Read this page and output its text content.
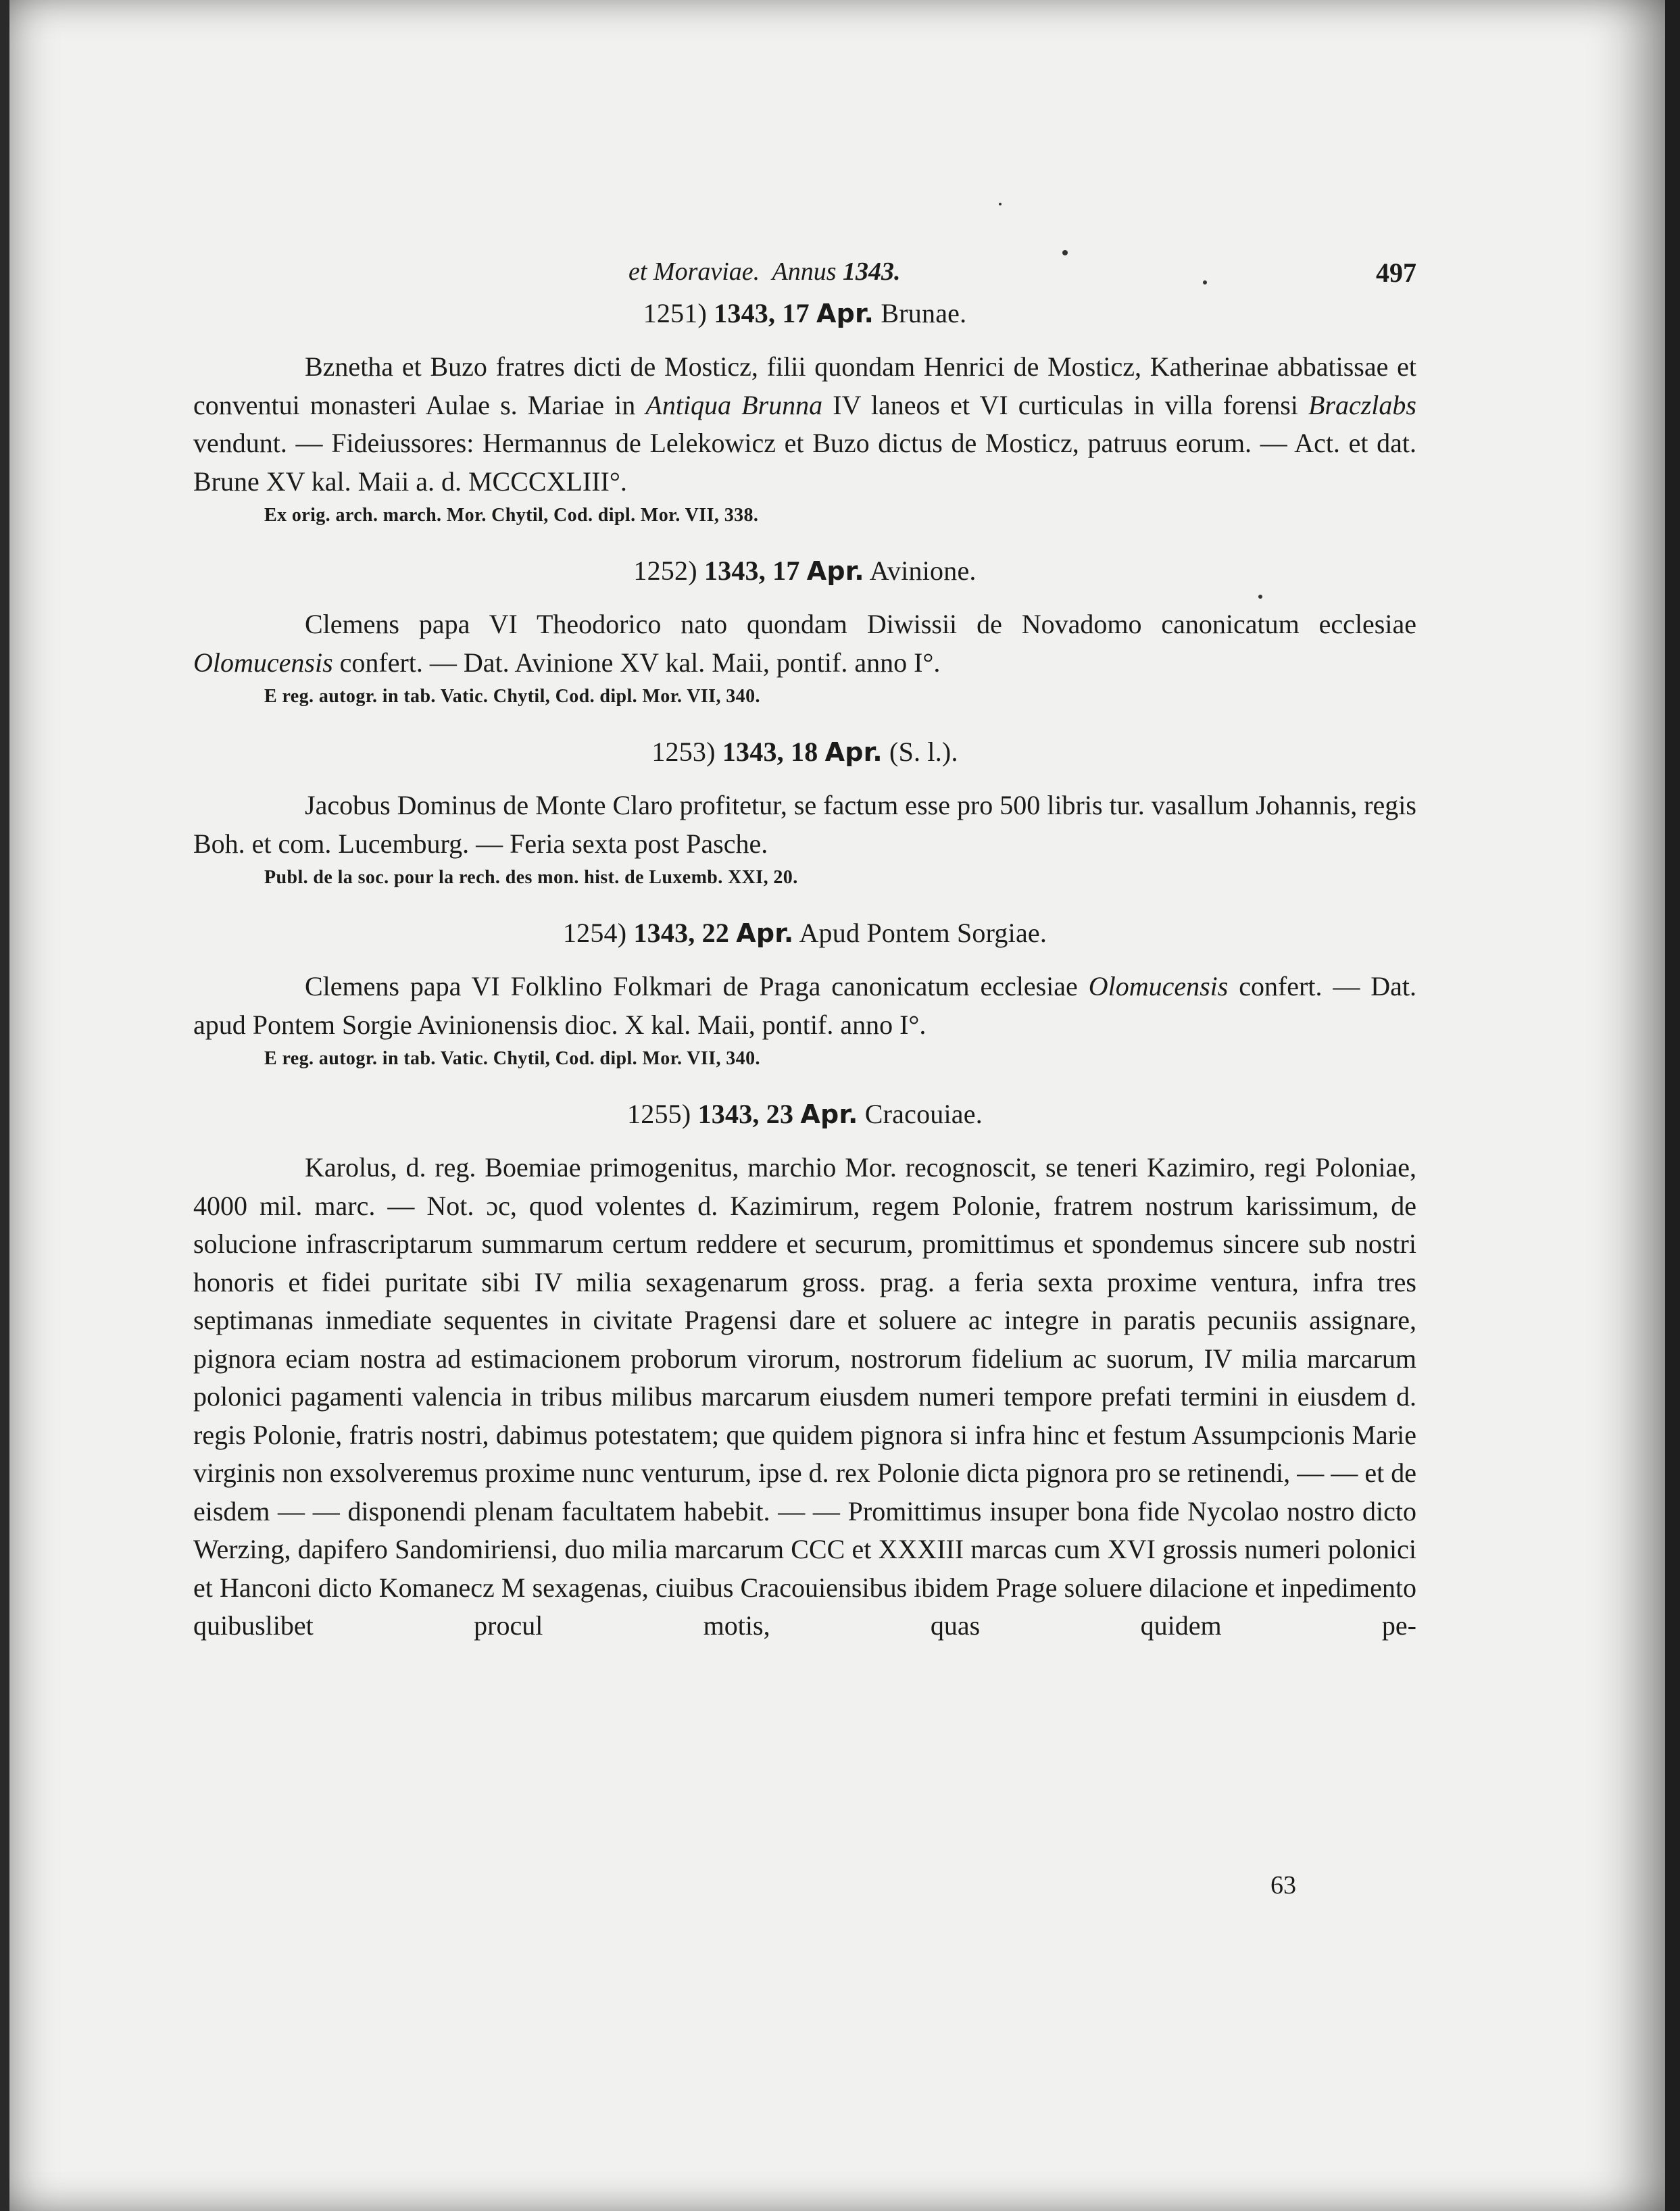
et Moraviae. Annus 1343.	497
1251) 1343, 17 Apr. Brunae.

Bznetha et Buzo fratres dicti de Mosticz, filii quondam Henrici de Mosticz, Katherinae abbatissae et conventui monasteri Aulae s. Mariae in Antiqua Brunna IV laneos et VI curticulas in villa forensi Braczlabs vendunt. — Fideiussores: Hermannus de Lelekowicz et Buzo dictus de Mosticz, patruus eorum. — Act. et dat. Brune XV kal. Maii a. d. MCCCXLIII°.

Ex orig. arch. march. Mor. Chytil, Cod. dipl. Mor. VII, 338.
1252) 1343, 17 Apr. Avinione.

Clemens papa VI Theodorico nato quondam Diwissii de Novadomo canonicatum ecclesiae Olomucensis confert. — Dat. Avinione XV kal. Maii, pontif. anno I°.

E reg. autogr. in tab. Vatic. Chytil, Cod. dipl. Mor. VII, 340.
1253) 1343, 18 Apr. (S. l.).

Jacobus Dominus de Monte Claro profitetur, se factum esse pro 500 libris tur. vasallum Johannis, regis Boh. et com. Lucemburg. — Feria sexta post Pasche.

Publ. de la soc. pour la rech. des mon. hist. de Luxemb. XXI, 20.
1254) 1343, 22 Apr. Apud Pontem Sorgiae.

Clemens papa VI Folklino Folkmari de Praga canonicatum ecclesiae Olomucensis confert. — Dat. apud Pontem Sorgie Avinionensis dioc. X kal. Maii, pontif. anno I°.

E reg. autogr. in tab. Vatic. Chytil, Cod. dipl. Mor. VII, 340.
1255) 1343, 23 Apr. Cracouiae.

Karolus, d. reg. Boemiae primogenitus, marchio Mor. recognoscit, se teneri Kazimiro, regi Poloniae, 4000 mil. marc. — Not. ɔc, quod volentes d. Kazimirum, regem Polonie, fratrem nostrum karissimum, de solucione infrascriptarum summarum certum reddere et securum, promittimus et spondemus sincere sub nostri honoris et fidei puritate sibi IV milia sexagenarum gross. prag. a feria sexta proxime ventura, infra tres septimanas inmediate sequentes in civitate Pragensi dare et soluere ac integre in paratis pecuniis assignare, pignora eciam nostra ad estimacionem proborum virorum, nostrorum fidelium ac suorum, IV milia marcarum polonici pagamenti valencia in tribus milibus marcarum eiusdem numeri tempore prefati termini in eiusdem d. regis Polonie, fratris nostri, dabimus potestatem; que quidem pignora si infra hinc et festum Assumpcionis Marie virginis non exsolveremus proxime nunc venturum, ipse d. rex Polonie dicta pignora pro se retinendi, — — et de eisdem — — disponendi plenam facultatem habebit. — — Promittimus insuper bona fide Nycolao nostro dicto Werzing, dapifero Sandomiriensi, duo milia marcarum CCC et XXXIII marcas cum XVI grossis numeri polonici et Hanconi dicto Komanecz M sexagenas, ciuibus Cracouiensibus ibidem Prage soluere dilacione et inpedimento quibuslibet procul motis, quas quidem pe-

63
